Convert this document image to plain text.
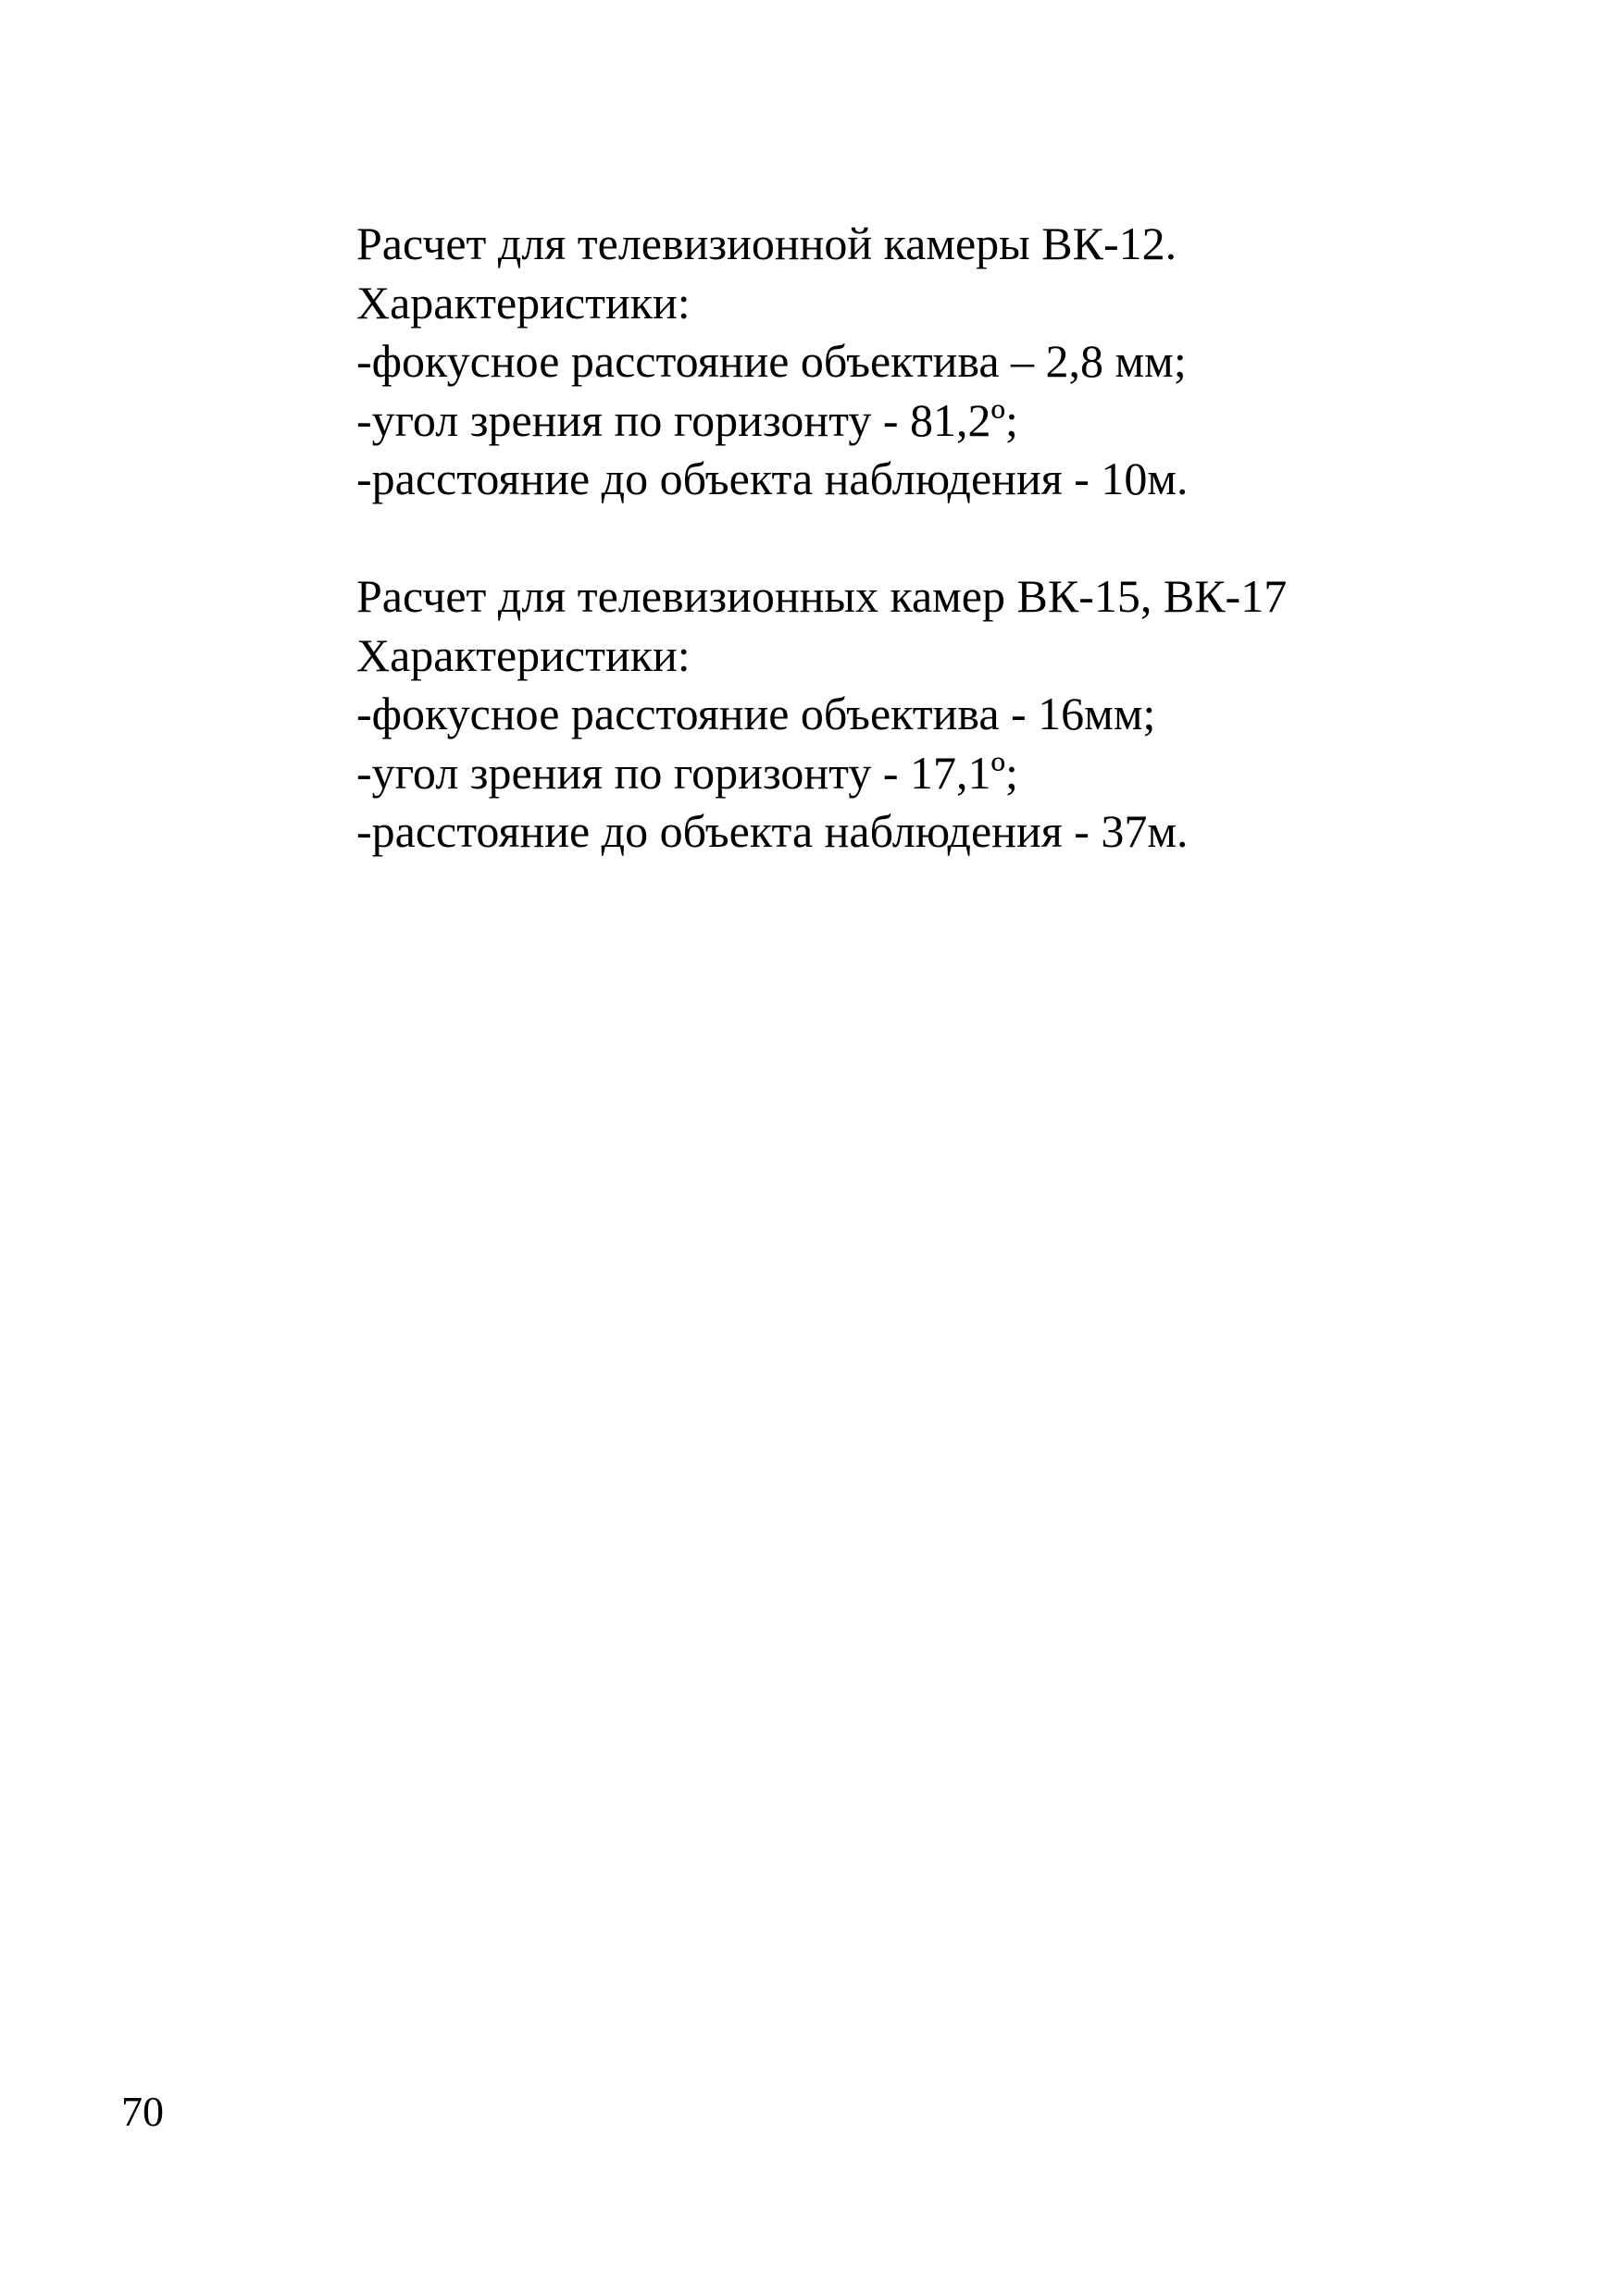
Расчет для телевизионной камеры ВК-12.

Характеристики:

-фокусное расстояние объектива – 2,8 мм;

-угол зрения по горизонту - 81,2º;

-расстояние до объекта наблюдения - 10м.

Расчет для телевизионных камер ВК-15, ВК-17

Характеристики:

-фокусное расстояние объектива - 16мм;

-угол зрения по горизонту - 17,1º;

-расстояние до объекта наблюдения - 37м.

70
